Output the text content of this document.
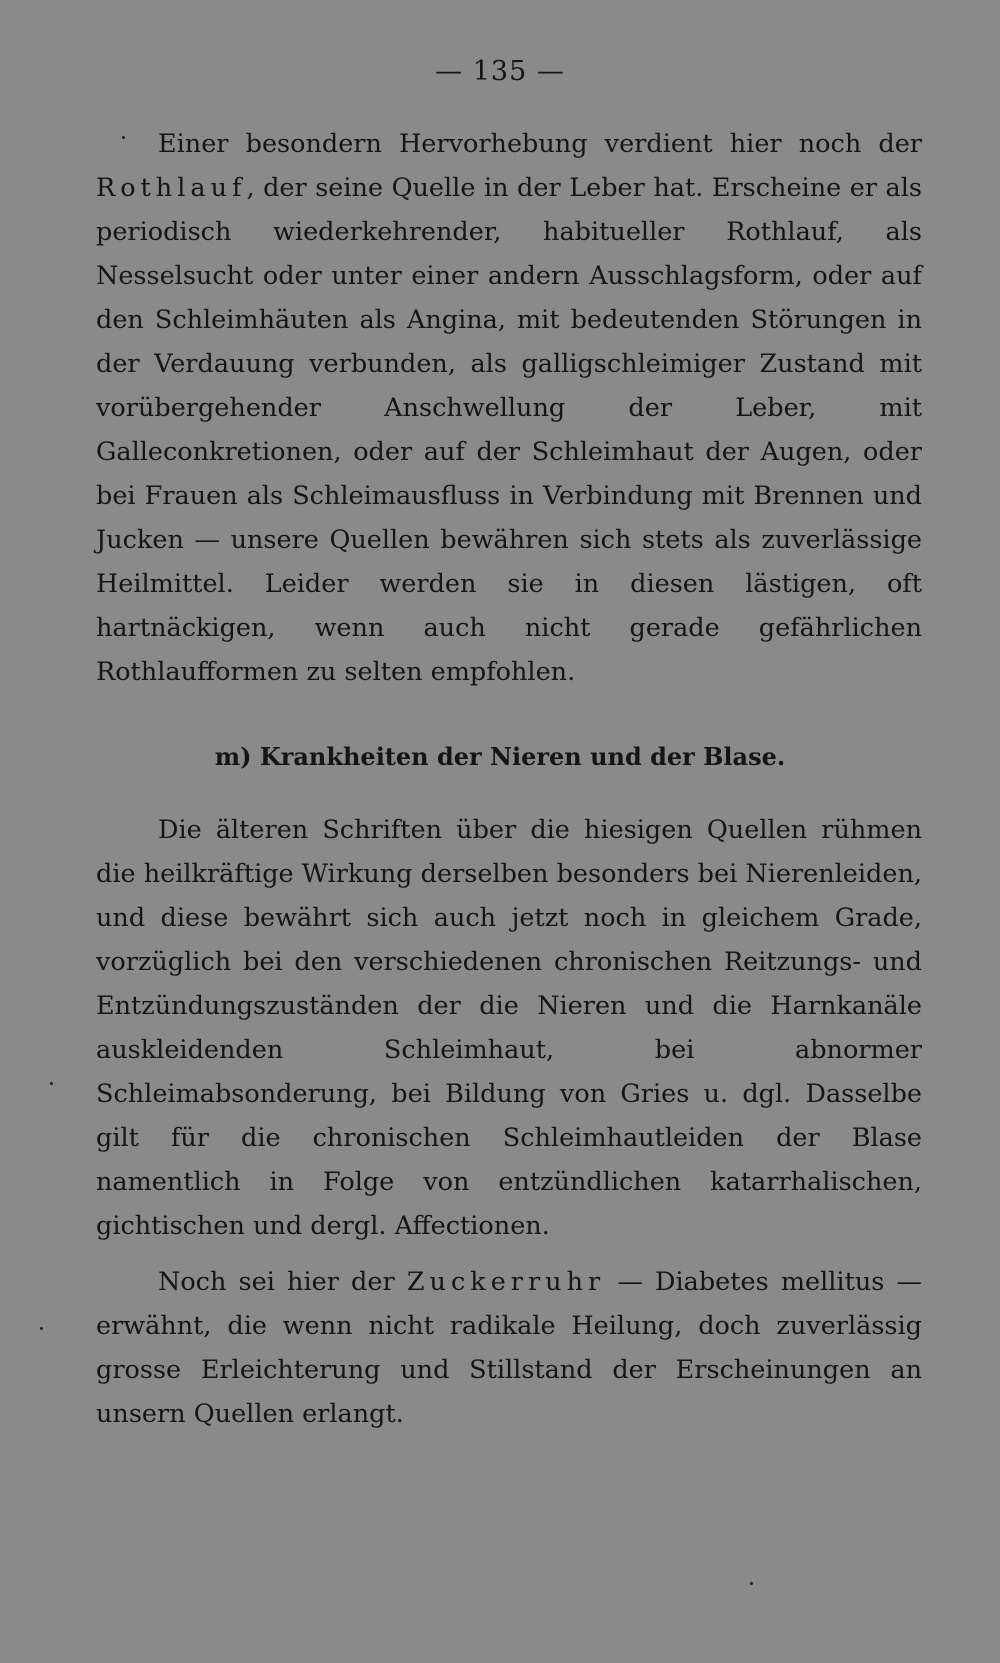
— 135 —

Einer besondern Hervorhebung verdient hier noch der Rothlauf, der seine Quelle in der Leber hat. Erscheine er als periodisch wiederkehrender, habitueller Rothlauf, als Nesselsucht oder unter einer andern Ausschlagsform, oder auf den Schleimhäuten als Angina, mit bedeutenden Störungen in der Verdauung verbunden, als galligschleimiger Zustand mit vorübergehender Anschwellung der Leber, mit Galleconkretionen, oder auf der Schleimhaut der Augen, oder bei Frauen als Schleimausfluss in Verbindung mit Brennen und Jucken — unsere Quellen bewähren sich stets als zuverlässige Heilmittel. Leider werden sie in diesen lästigen, oft hartnäckigen, wenn auch nicht gerade gefährlichen Rothlaufformen zu selten empfohlen.

m) Krankheiten der Nieren und der Blase.

Die älteren Schriften über die hiesigen Quellen rühmen die heilkräftige Wirkung derselben besonders bei Nierenleiden, und diese bewährt sich auch jetzt noch in gleichem Grade, vorzüglich bei den verschiedenen chronischen Reitzungs- und Entzündungszuständen der die Nieren und die Harnkanäle auskleidenden Schleimhaut, bei abnormer Schleimabsonderung, bei Bildung von Gries u. dgl. Dasselbe gilt für die chronischen Schleimhautleiden der Blase namentlich in Folge von entzündlichen katarrhalischen, gichtischen und dergl. Affectionen.

Noch sei hier der Zuckerruhr — Diabetes mellitus — erwähnt, die wenn nicht radikale Heilung, doch zuverlässig grosse Erleichterung und Stillstand der Erscheinungen an unsern Quellen erlangt.
